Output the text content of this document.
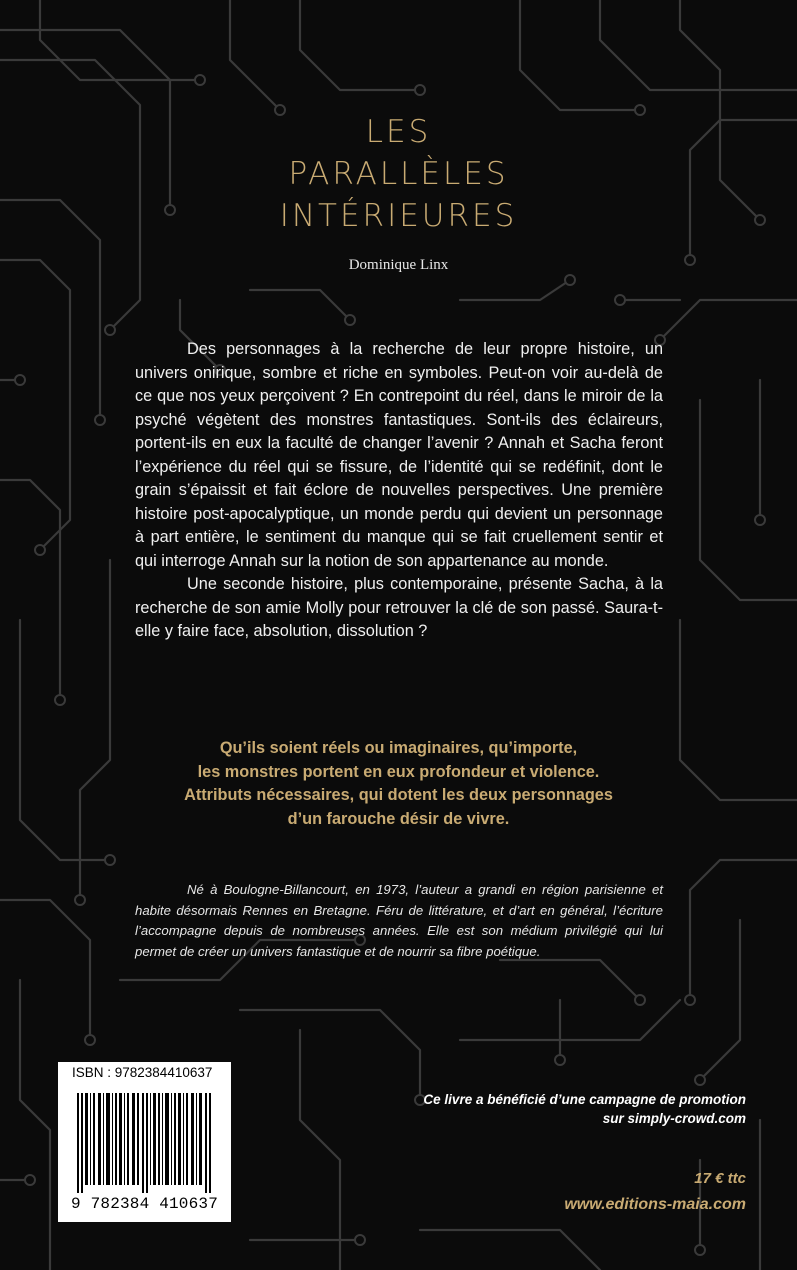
LES
PARALLÈLES
INTÉRIEURES
Dominique Linx

Des personnages à la recherche de leur propre histoire, un univers onirique, sombre et riche en symboles. Peut-on voir au-delà de ce que nos yeux perçoivent ? En contrepoint du réel, dans le miroir de la psyché végètent des monstres fantastiques. Sont-ils des éclaireurs, portent-ils en eux la faculté de changer l’avenir ? Annah et Sacha feront l’expérience du réel qui se fissure, de l’identité qui se redéfinit, dont le grain s’épaissit et fait éclore de nouvelles perspectives. Une première histoire post-apocalyptique, un monde perdu qui devient un personnage à part entière, le sentiment du manque qui se fait cruellement sentir et qui interroge Annah sur la notion de son appartenance au monde.

Une seconde histoire, plus contemporaine, présente Sacha, à la recherche de son amie Molly pour retrouver la clé de son passé. Saura-t-elle y faire face, absolution, dissolution ?

Qu’ils soient réels ou imaginaires, qu’importe,
les monstres portent en eux profondeur et violence.
Attributs nécessaires, qui dotent les deux personnages
d’un farouche désir de vivre.

Né à Boulogne-Billancourt, en 1973, l’auteur a grandi en région parisienne et habite désormais Rennes en Bretagne. Féru de littérature, et d’art en général, l’écriture l’accompagne depuis de nombreuses années. Elle est son médium privilégié qui lui permet de créer un univers fantastique et de nourrir sa fibre poétique.

ISBN : 9782384410637
9 782384 410637
Ce livre a bénéficié d’une campagne de promotion
sur simply-crowd.com
17 € ttc
www.editions-maia.com
